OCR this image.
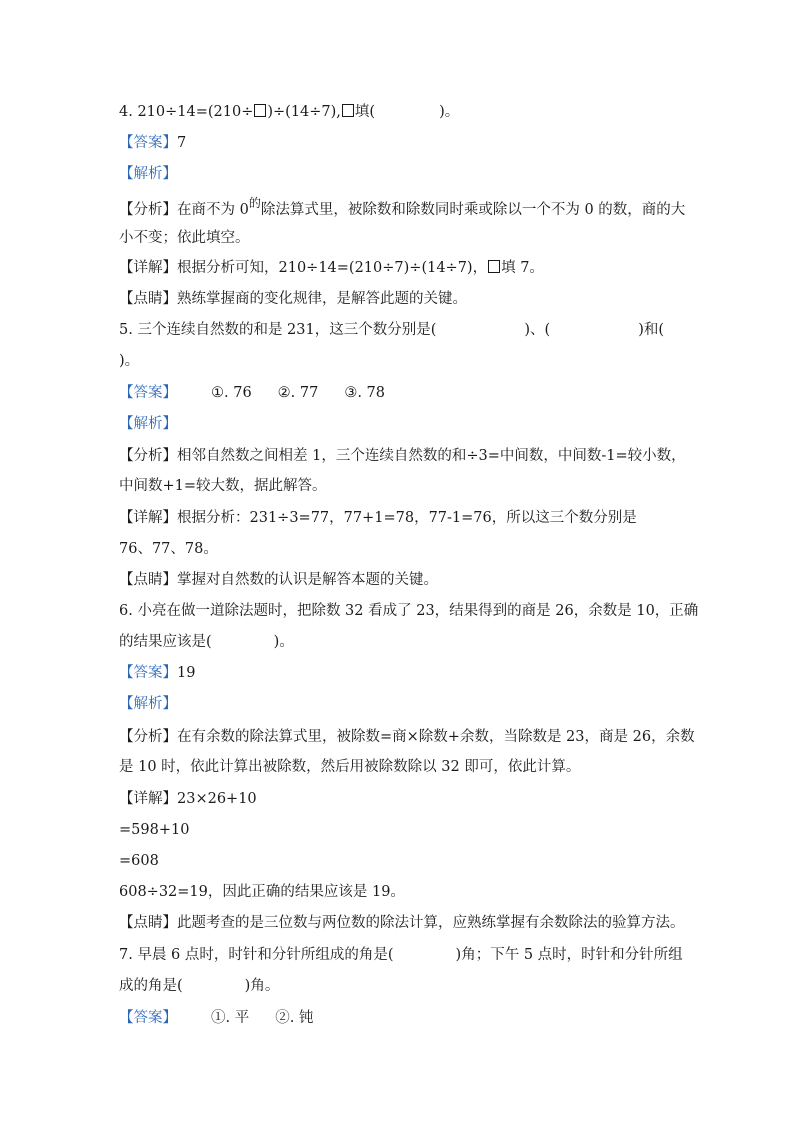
4. 210÷14=(210÷ )÷(14÷7), 填(	)。
【答案】7
【解析】
【分析】在商不为 $0^的$除法算式里，被除数和除数同时乘或除以一个不为 0 的数，商的大
小不变；依此填空。
【详解】根据分析可知，210÷14=(210÷7)÷(14÷7)， 填 7。
【点睛】熟练掌握商的变化规律，是解答此题的关键。
5. 三个连续自然数的和是 231，这三个数分别是(	)、(	)和(
)。
【答案】 ①. 76 ②. 77 ③. 78
【解析】
【分析】相邻自然数之间相差 1，三个连续自然数的和÷3=中间数，中间数-1=较小数，
中间数+1=较大数，据此解答。
【详解】根据分析：231÷3=77，77+1=78，77-1=76，所以这三个数分别是
76、77、78。
【点睛】掌握对自然数的认识是解答本题的关键。
6. 小亮在做一道除法题时，把除数 32 看成了 23，结果得到的商是 26，余数是 10，正确
的结果应该是(	)。
【答案】19
【解析】
【分析】在有余数的除法算式里，被除数=商×除数+余数，当除数是 23，商是 26，余数
是 10 时，依此计算出被除数，然后用被除数除以 32 即可，依此计算。
【详解】23×26+10
=598+10
=608
608÷32=19，因此正确的结果应该是 19。
【点睛】此题考查的是三位数与两位数的除法计算，应熟练掌握有余数除法的验算方法。
7. 早晨 6 点时，时针和分针所组成的角是(	)角；下午 5 点时，时针和分针所组
成的角是(	)角。
【答案】 ①. 平 ②. 钝
